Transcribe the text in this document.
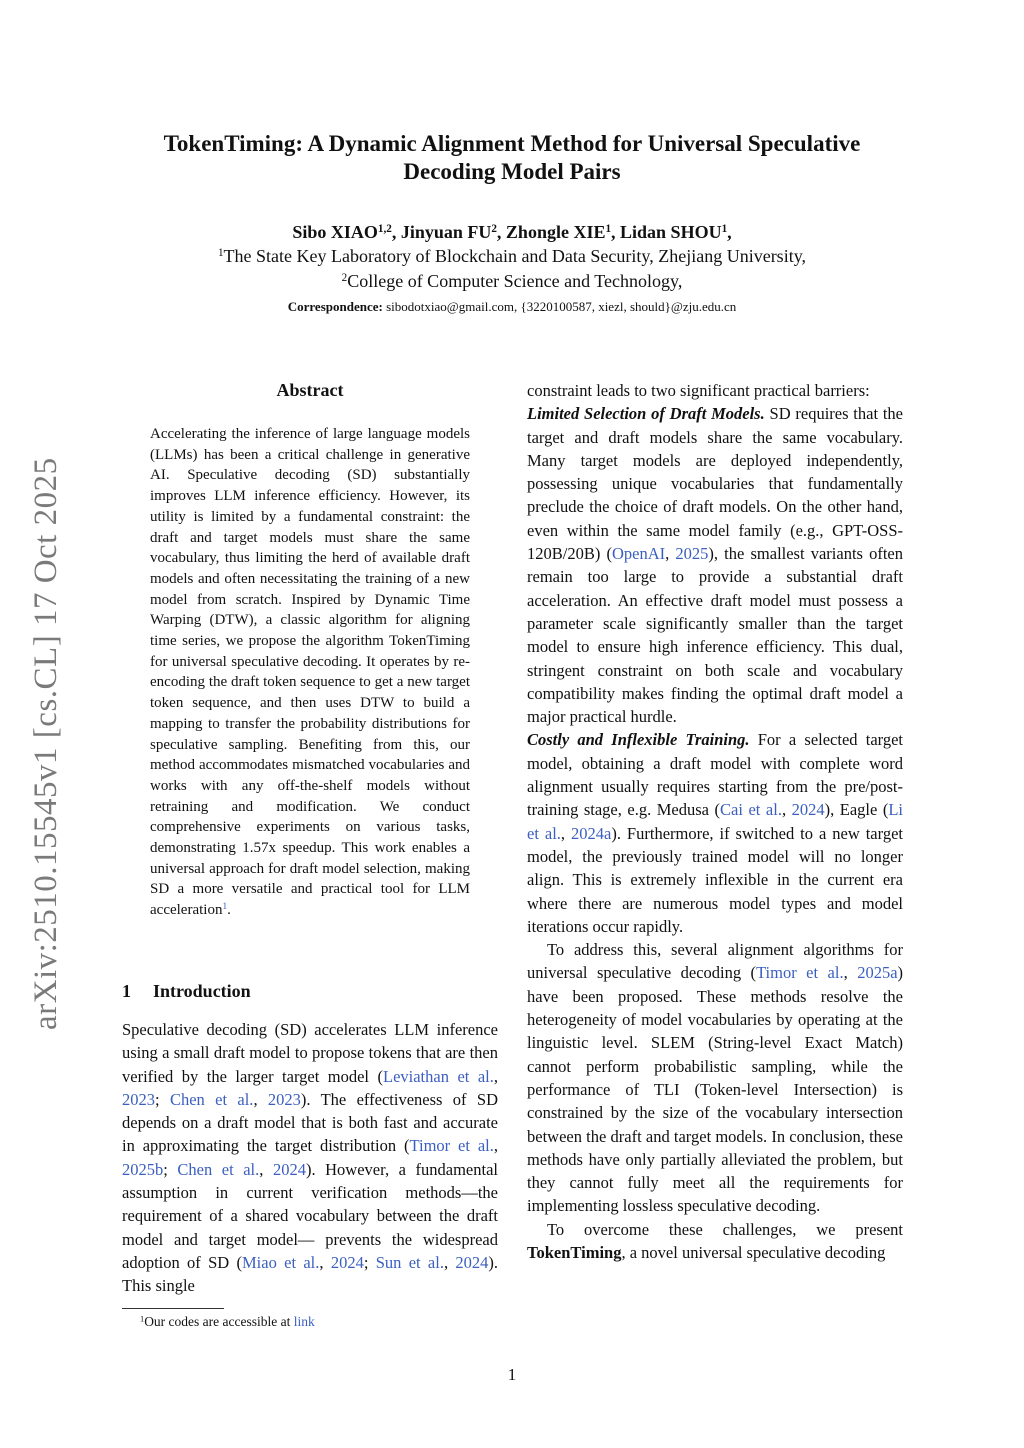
TokenTiming: A Dynamic Alignment Method for Universal Speculative
Decoding Model Pairs
Sibo XIAO$^{1,2}$, Jinyuan $FU^2$, Zhongle XIE$^1$, Lidan SHOU$^1$,
$^1$The State Key Laboratory of Blockchain and Data Security, Zhejiang University,
$^2$College of Computer Science and Technology,
Correspondence: sibodotxiao@gmail.com, {3220100587, xiezl, should}@zju.edu.cn
arXiv:2510.15545v1 [cs.CL] 17 Oct 2025
Abstract
Accelerating the inference of large language models (LLMs) has been a critical challenge in generative AI. Speculative decoding (SD) substantially improves LLM inference efficiency. However, its utility is limited by a fundamental constraint: the draft and target models must share the same vocabulary, thus limiting the herd of available draft models and often necessitating the training of a new model from scratch. Inspired by Dynamic Time Warping (DTW), a classic algorithm for aligning time series, we propose the algorithm TokenTiming for universal speculative decoding. It operates by re-encoding the draft token sequence to get a new target token sequence, and then uses DTW to build a mapping to transfer the probability distributions for speculative sampling. Benefiting from this, our method accommodates mismatched vocabularies and works with any off-the-shelf models without retraining and modification. We conduct comprehensive experiments on various tasks, demonstrating 1.57x speedup. This work enables a universal approach for draft model selection, making SD a more versatile and practical tool for LLM acceleration$^1$.
1 Introduction

Speculative decoding (SD) accelerates LLM inference using a small draft model to propose tokens that are then verified by the larger target model (Leviathan et al., 2023; Chen et al., 2023). The effectiveness of SD depends on a draft model that is both fast and accurate in approximating the target distribution (Timor et al., 2025b; Chen et al., 2024). However, a fundamental assumption in current verification methods—the requirement of a shared vocabulary between the draft model and target model— prevents the widespread adoption of SD (Miao et al., 2024; Sun et al., 2024). This single

constraint leads to two significant practical barriers:

Limited Selection of Draft Models. SD requires that the target and draft models share the same vocabulary. Many target models are deployed independently, possessing unique vocabularies that fundamentally preclude the choice of draft models. On the other hand, even within the same model family (e.g., GPT-OSS-120B/20B) (OpenAI, 2025), the smallest variants often remain too large to provide a substantial draft acceleration. An effective draft model must possess a parameter scale significantly smaller than the target model to ensure high inference efficiency. This dual, stringent constraint on both scale and vocabulary compatibility makes finding the optimal draft model a major practical hurdle.

Costly and Inflexible Training. For a selected target model, obtaining a draft model with complete word alignment usually requires starting from the pre/post-training stage, e.g. Medusa (Cai et al., 2024), Eagle (Li et al., 2024a). Furthermore, if switched to a new target model, the previously trained model will no longer align. This is extremely inflexible in the current era where there are numerous model types and model iterations occur rapidly.

To address this, several alignment algorithms for universal speculative decoding (Timor et al., 2025a) have been proposed. These methods resolve the heterogeneity of model vocabularies by operating at the linguistic level. SLEM (String-level Exact Match) cannot perform probabilistic sampling, while the performance of TLI (Token-level Intersection) is constrained by the size of the vocabulary intersection between the draft and target models. In conclusion, these methods have only partially alleviated the problem, but they cannot fully meet all the requirements for implementing lossless speculative decoding.

To overcome these challenges, we present TokenTiming, a novel universal speculative decoding

$^1$Our codes are accessible at link
1
